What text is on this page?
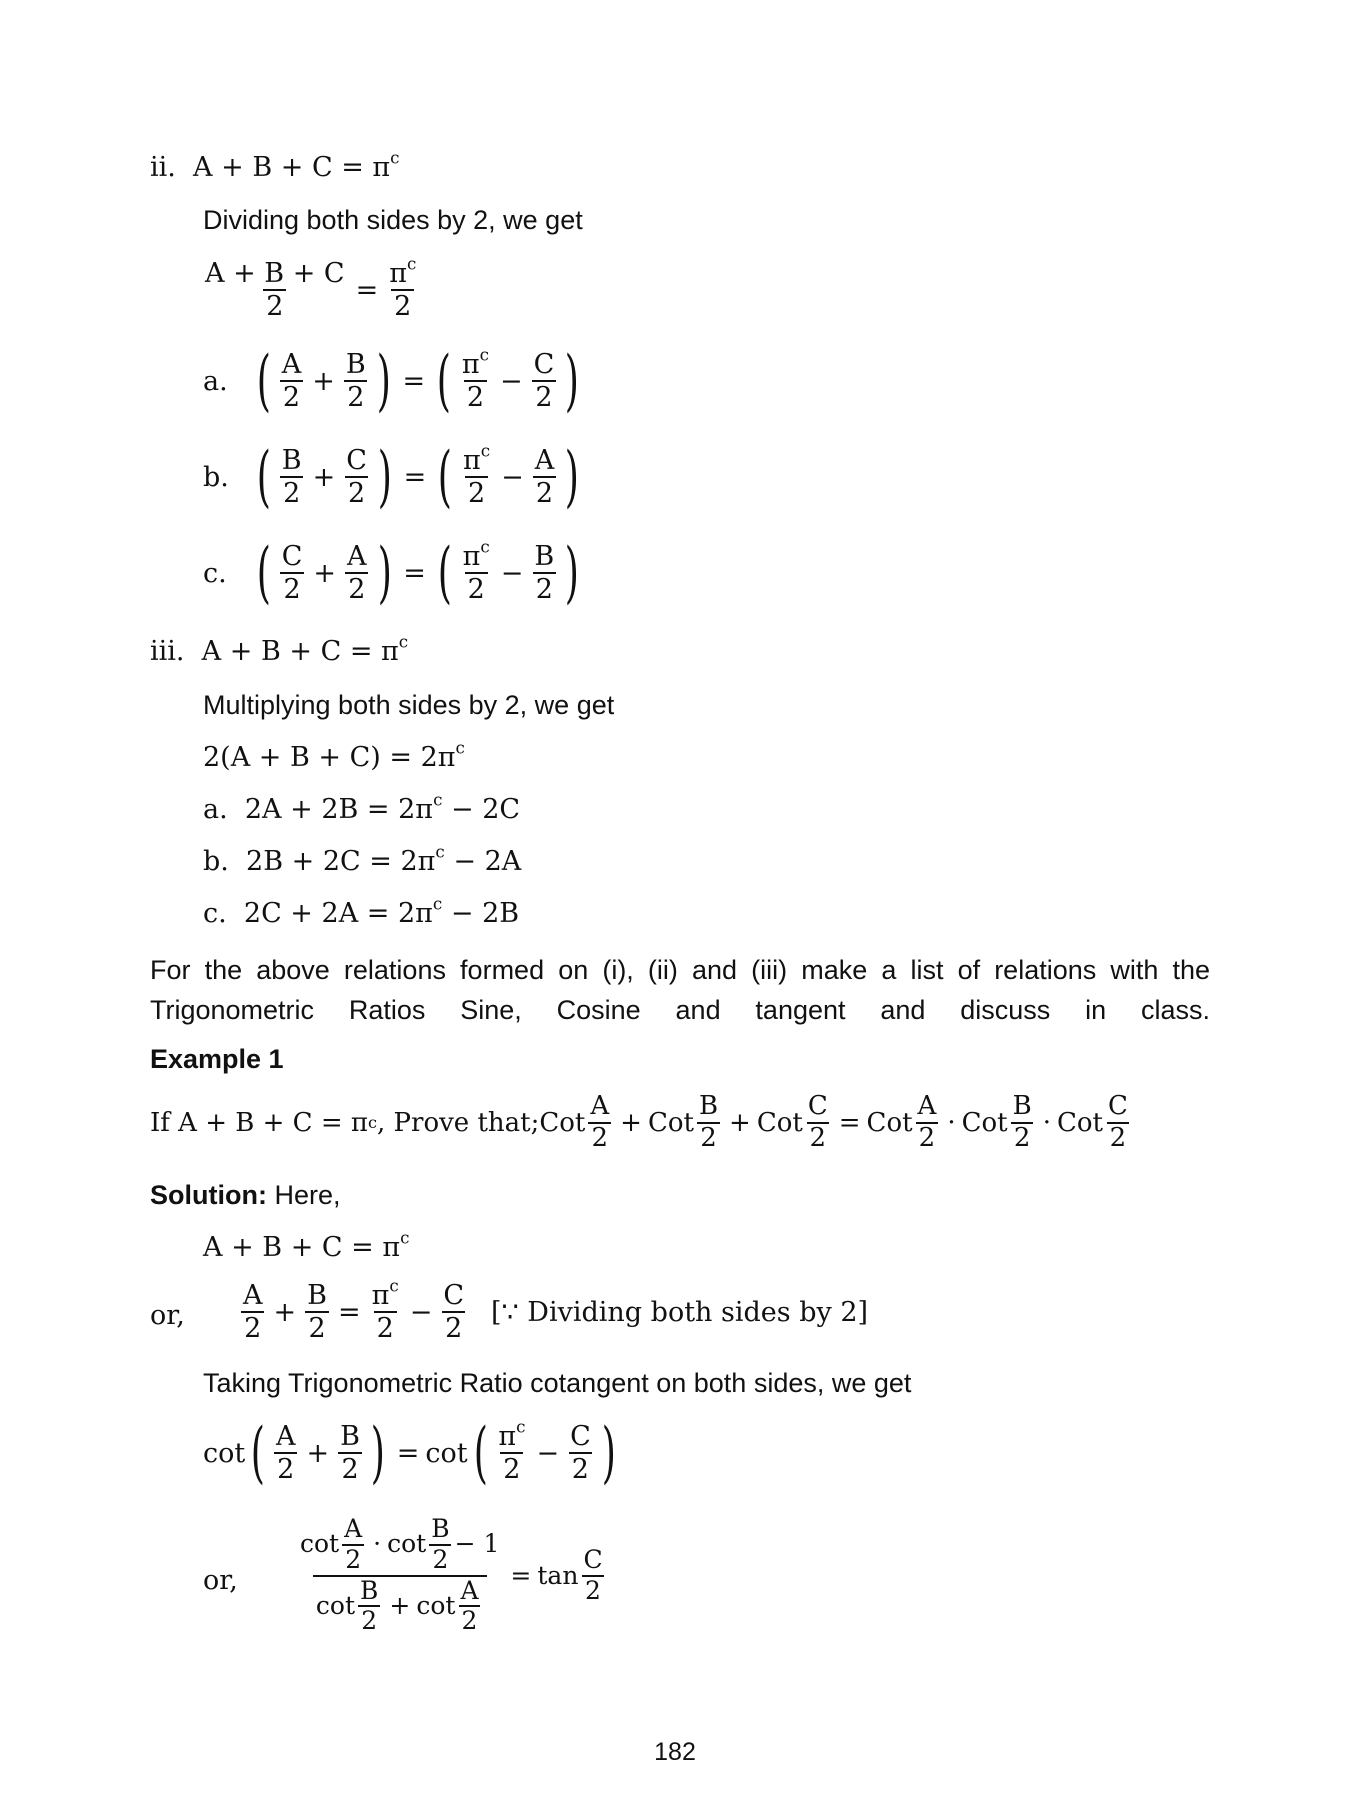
ii. $A + B + C = \pi^c$
Dividing both sides by 2, we get
$\frac{A + B + C}{2} = \frac{\pi^c}{2}$
a. ( $\frac{A}{2} + \frac{B}{2}$ ) = ( $\frac{\pi^c}{2} - \frac{C}{2}$ )
b. ( $\frac{B}{2} + \frac{C}{2}$ ) = ( $\frac{\pi^c}{2} - \frac{A}{2}$ )
c. ( $\frac{C}{2} + \frac{A}{2}$ ) = ( $\frac{\pi^c}{2} - \frac{B}{2}$ )
iii. $A + B + C = \pi^c$
Multiplying both sides by 2, we get
$2(A + B + C) = 2\pi^c$
a. $2A + 2B = 2\pi^c - 2C$
b. $2B + 2C = 2\pi^c - 2A$
c. $2C + 2A = 2\pi^c - 2B$
For the above relations formed on (i), (ii) and (iii) make a list of relations with the Trigonometric Ratios Sine, Cosine and tangent and discuss in class.
Example 1
If A + B + C = π c , Prove that; Cot $\frac{A}{2}$ + Cot $\frac{B}{2}$ + Cot $\frac{C}{2}$ = Cot $\frac{A}{2}$ · Cot $\frac{B}{2}$ · Cot $\frac{C}{2}$
Solution: Here,
$A + B + C = \pi^c$
or, $\frac{A}{2} + \frac{B}{2} = \frac{\pi^c}{2} - \frac{C}{2}$ [∵ Dividing both sides by 2]
Taking Trigonometric Ratio cotangent on both sides, we get
cot ( $\frac{A}{2} + \frac{B}{2}$ ) = cot ( $\frac{\pi^c}{2} - \frac{C}{2}$ )
or, $\frac{\cot \frac{A}{2} \cdot \cot \frac{B}{2} - 1}{\cot \frac{B}{2} + \cot \frac{A}{2}} = \tan \frac{C}{2}$
182
